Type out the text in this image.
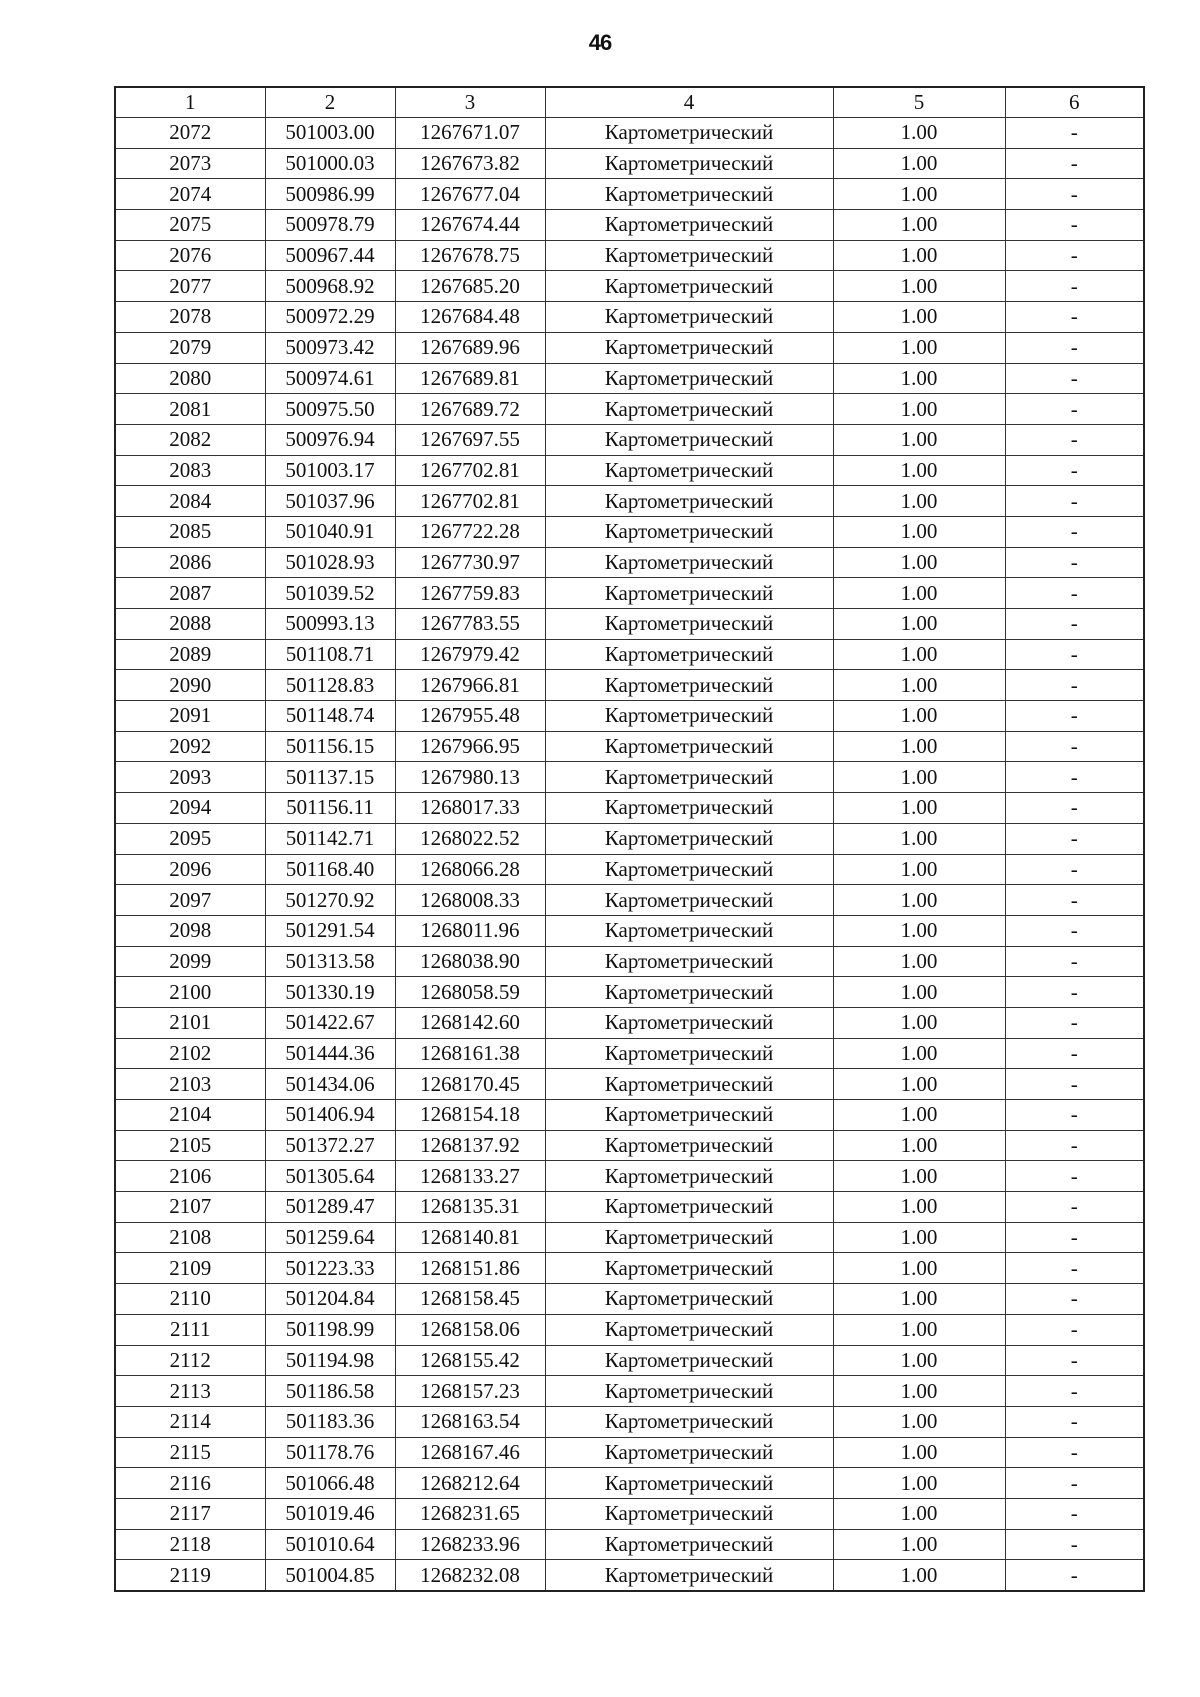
46
1	2	3	4	5	6
2072	501003.00	1267671.07	Картометрический	1.00	-
2073	501000.03	1267673.82	Картометрический	1.00	-
2074	500986.99	1267677.04	Картометрический	1.00	-
2075	500978.79	1267674.44	Картометрический	1.00	-
2076	500967.44	1267678.75	Картометрический	1.00	-
2077	500968.92	1267685.20	Картометрический	1.00	-
2078	500972.29	1267684.48	Картометрический	1.00	-
2079	500973.42	1267689.96	Картометрический	1.00	-
2080	500974.61	1267689.81	Картометрический	1.00	-
2081	500975.50	1267689.72	Картометрический	1.00	-
2082	500976.94	1267697.55	Картометрический	1.00	-
2083	501003.17	1267702.81	Картометрический	1.00	-
2084	501037.96	1267702.81	Картометрический	1.00	-
2085	501040.91	1267722.28	Картометрический	1.00	-
2086	501028.93	1267730.97	Картометрический	1.00	-
2087	501039.52	1267759.83	Картометрический	1.00	-
2088	500993.13	1267783.55	Картометрический	1.00	-
2089	501108.71	1267979.42	Картометрический	1.00	-
2090	501128.83	1267966.81	Картометрический	1.00	-
2091	501148.74	1267955.48	Картометрический	1.00	-
2092	501156.15	1267966.95	Картометрический	1.00	-
2093	501137.15	1267980.13	Картометрический	1.00	-
2094	501156.11	1268017.33	Картометрический	1.00	-
2095	501142.71	1268022.52	Картометрический	1.00	-
2096	501168.40	1268066.28	Картометрический	1.00	-
2097	501270.92	1268008.33	Картометрический	1.00	-
2098	501291.54	1268011.96	Картометрический	1.00	-
2099	501313.58	1268038.90	Картометрический	1.00	-
2100	501330.19	1268058.59	Картометрический	1.00	-
2101	501422.67	1268142.60	Картометрический	1.00	-
2102	501444.36	1268161.38	Картометрический	1.00	-
2103	501434.06	1268170.45	Картометрический	1.00	-
2104	501406.94	1268154.18	Картометрический	1.00	-
2105	501372.27	1268137.92	Картометрический	1.00	-
2106	501305.64	1268133.27	Картометрический	1.00	-
2107	501289.47	1268135.31	Картометрический	1.00	-
2108	501259.64	1268140.81	Картометрический	1.00	-
2109	501223.33	1268151.86	Картометрический	1.00	-
2110	501204.84	1268158.45	Картометрический	1.00	-
2111	501198.99	1268158.06	Картометрический	1.00	-
2112	501194.98	1268155.42	Картометрический	1.00	-
2113	501186.58	1268157.23	Картометрический	1.00	-
2114	501183.36	1268163.54	Картометрический	1.00	-
2115	501178.76	1268167.46	Картометрический	1.00	-
2116	501066.48	1268212.64	Картометрический	1.00	-
2117	501019.46	1268231.65	Картометрический	1.00	-
2118	501010.64	1268233.96	Картометрический	1.00	-
2119	501004.85	1268232.08	Картометрический	1.00	-
